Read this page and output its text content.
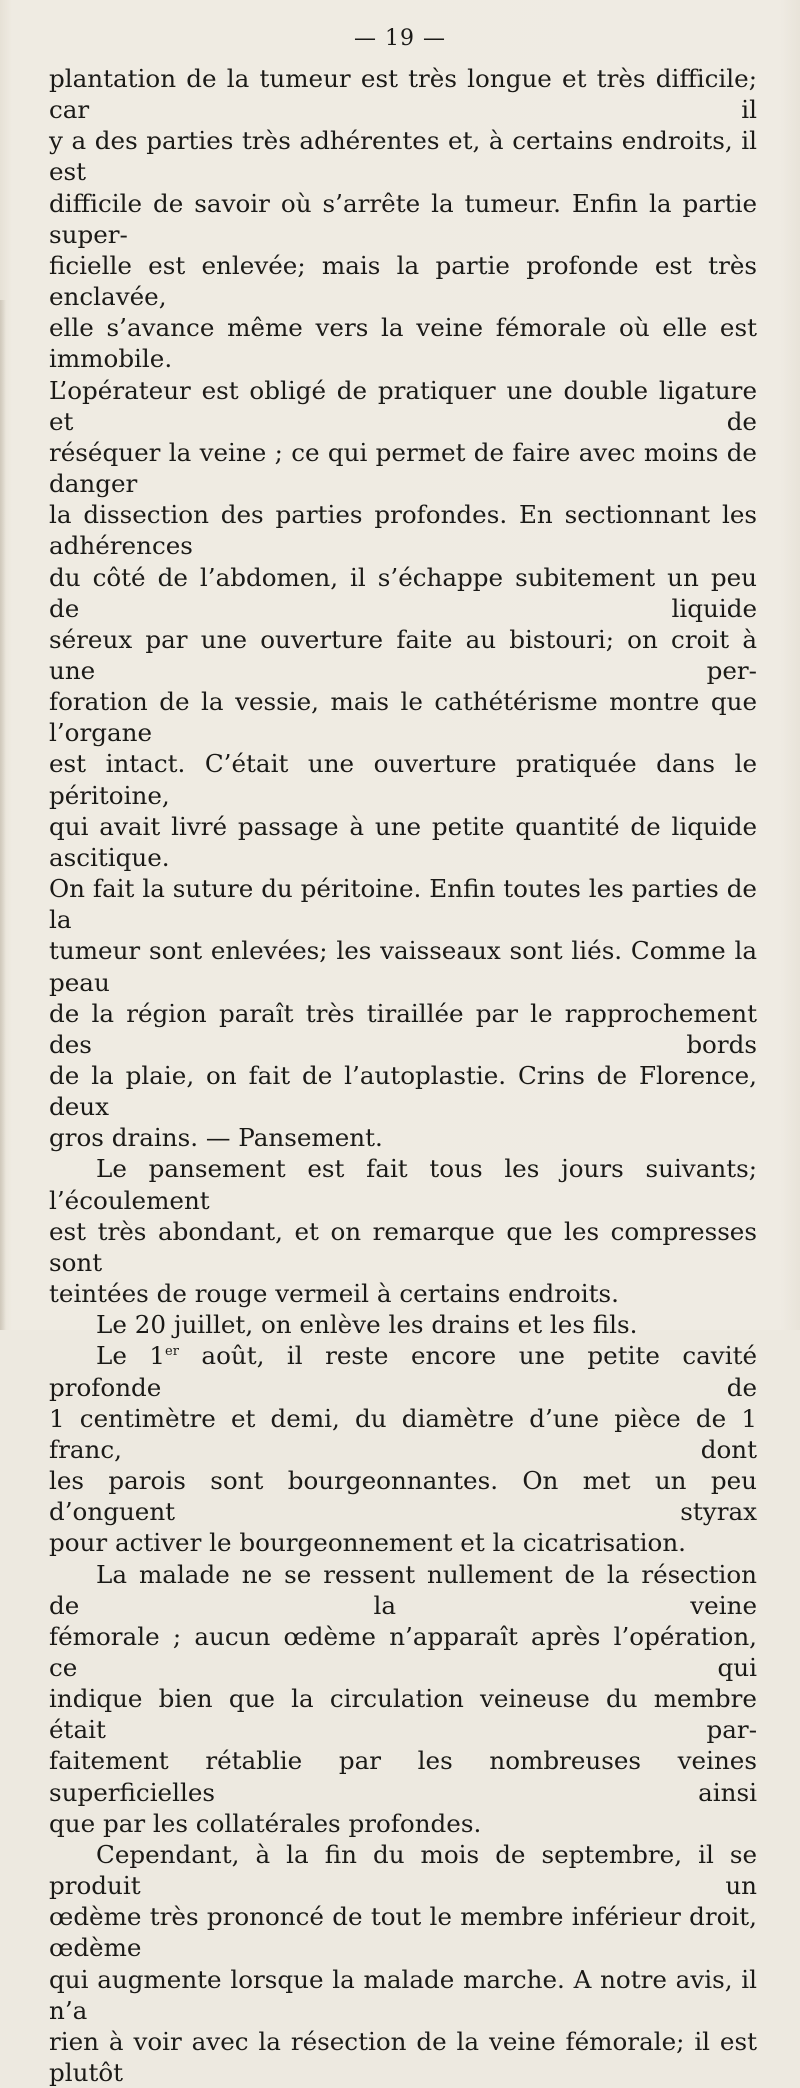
— 19 —

plantation de la tumeur est très longue et très difficile; car il

y a des parties très adhérentes et, à certains endroits, il est

difficile de savoir où s’arrête la tumeur. Enfin la partie super-

ficielle est enlevée; mais la partie profonde est très enclavée,

elle s’avance même vers la veine fémorale où elle est immobile.

L’opérateur est obligé de pratiquer une double ligature et de

réséquer la veine ; ce qui permet de faire avec moins de danger

la dissection des parties profondes. En sectionnant les adhérences

du côté de l’abdomen, il s’échappe subitement un peu de liquide

séreux par une ouverture faite au bistouri; on croit à une per-

foration de la vessie, mais le cathétérisme montre que l’organe

est intact. C’était une ouverture pratiquée dans le péritoine,

qui avait livré passage à une petite quantité de liquide ascitique.

On fait la suture du péritoine. Enfin toutes les parties de la

tumeur sont enlevées; les vaisseaux sont liés. Comme la peau

de la région paraît très tiraillée par le rapprochement des bords

de la plaie, on fait de l’autoplastie. Crins de Florence, deux

gros drains. — Pansement.

Le pansement est fait tous les jours suivants; l’écoulement

est très abondant, et on remarque que les compresses sont

teintées de rouge vermeil à certains endroits.

Le 20 juillet, on enlève les drains et les fils.

Le 1er août, il reste encore une petite cavité profonde de

1 centimètre et demi, du diamètre d’une pièce de 1 franc, dont

les parois sont bourgeonnantes. On met un peu d’onguent styrax

pour activer le bourgeonnement et la cicatrisation.

La malade ne se ressent nullement de la résection de la veine

fémorale ; aucun œdème n’apparaît après l’opération, ce qui

indique bien que la circulation veineuse du membre était par-

faitement rétablie par les nombreuses veines superficielles ainsi

que par les collatérales profondes.

Cependant, à la fin du mois de septembre, il se produit un

œdème très prononcé de tout le membre inférieur droit, œdème

qui augmente lorsque la malade marche. A notre avis, il n’a

rien à voir avec la résection de la veine fémorale; il est plutôt
